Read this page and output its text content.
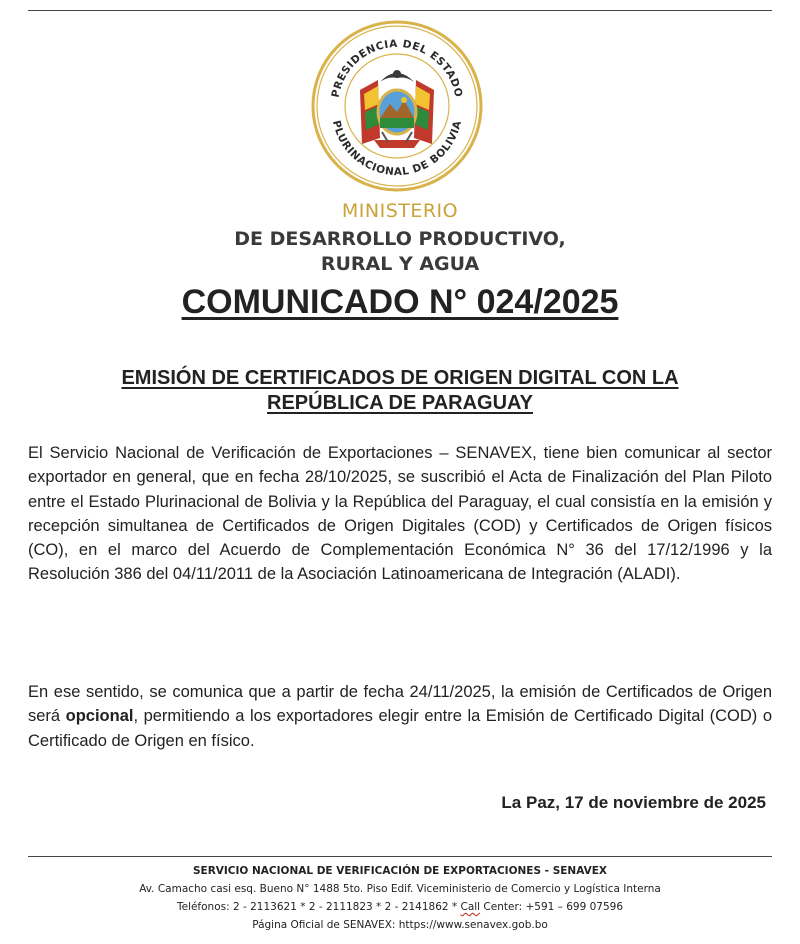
PRESIDENCIA DEL ESTADO
PLURINACIONAL DE BOLIVIA
MINISTERIO
DE DESARROLLO PRODUCTIVO,
RURAL Y AGUA
COMUNICADO N° 024/2025
EMISIÓN DE CERTIFICADOS DE ORIGEN DIGITAL CON LA
REPÚBLICA DE PARAGUAY
El Servicio Nacional de Verificación de Exportaciones – SENAVEX, tiene bien comunicar al sector exportador en general, que en fecha 28/10/2025, se suscribió el Acta de Finalización del Plan Piloto entre el Estado Plurinacional de Bolivia y la República del Paraguay, el cual consistía en la emisión y recepción simultanea de Certificados de Origen Digitales (COD) y Certificados de Origen físicos (CO), en el marco del Acuerdo de Complementación Económica N° 36 del 17/12/1996 y la Resolución 386 del 04/11/2011 de la Asociación Latinoamericana de Integración (ALADI).
En ese sentido, se comunica que a partir de fecha 24/11/2025, la emisión de Certificados de Origen será opcional, permitiendo a los exportadores elegir entre la Emisión de Certificado Digital (COD) o Certificado de Origen en físico.
La Paz, 17 de noviembre de 2025
SERVICIO NACIONAL DE VERIFICACIÓN DE EXPORTACIONES - SENAVEX
Av. Camacho casi esq. Bueno N° 1488 5to. Piso Edif. Viceministerio de Comercio y Logística Interna
Teléfonos: 2 - 2113621 * 2 - 2111823 * 2 - 2141862 * Call Center: +591 – 699 07596
Página Oficial de SENAVEX: https://www.senavex.gob.bo
